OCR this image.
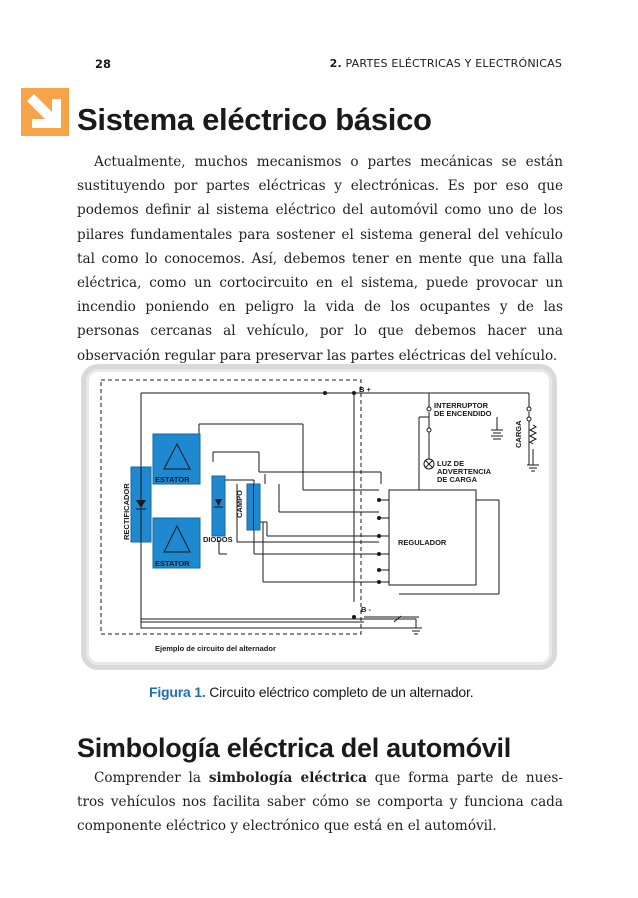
28	2. PARTES ELÉCTRICAS Y ELECTRÓNICAS
Sistema eléctrico básico
Actualmente, muchos mecanismos o partes mecánicas se están
sustituyendo por partes eléctricas y electrónicas. Es por eso que
podemos definir al sistema eléctrico del automóvil como uno de los
pilares fundamentales para sostener el sistema general del vehículo
tal como lo conocemos. Así, debemos tener en mente que una falla
eléctrica, como un cortocircuito en el sistema, puede provocar un
incendio poniendo en peligro la vida de los ocupantes y de las
personas cercanas al vehículo, por lo que debemos hacer una
observación regular para preservar las partes eléctricas del vehículo.
B +
B -
INTERRUPTOR
DE ENCENDIDO
LUZ DE
ADVERTENCIA
DE CARGA
CARGA
RECTIFICADOR
ESTATOR
ESTATOR
DIODOS
CAMPO
REGULADOR
Ejemplo de circuito del alternador

Figura 1. Circuito eléctrico completo de un alternador.

Simbología eléctrica del automóvil
Comprender la simbología eléctrica que forma parte de nues-
tros vehículos nos facilita saber cómo se comporta y funciona cada
componente eléctrico y electrónico que está en el automóvil.
